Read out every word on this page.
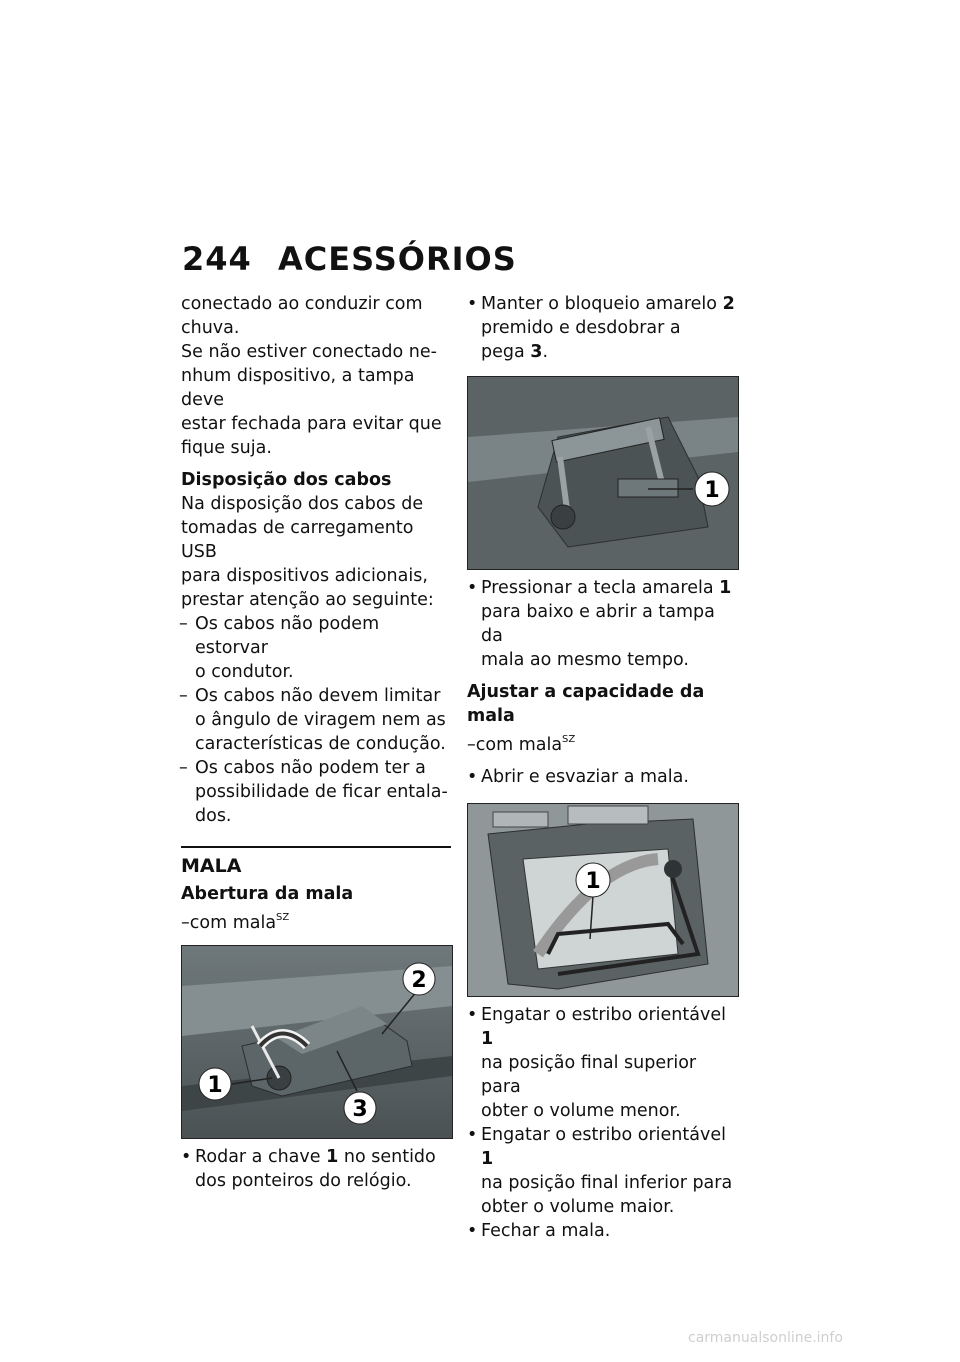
244 ACESSÓRIOS

conectado ao conduzir com
chuva.

Se não estiver conectado ne-
nhum dispositivo, a tampa deve
estar fechada para evitar que
fique suja.

Disposição dos cabos

Na disposição dos cabos de
tomadas de carregamento USB
para dispositivos adicionais,
prestar atenção ao seguinte:

– Os cabos não podem estorvar
o condutor.
– Os cabos não devem limitar
o ângulo de viragem nem as
características de condução.
– Os cabos não podem ter a
possibilidade de ficar entala-
dos.

MALA

Abertura da mala

–com mala$^{SZ}$

1
2
3
• Rodar a chave 1 no sentido
dos ponteiros do relógio.
• Manter o bloqueio amarelo 2
premido e desdobrar a
pega 3.
1
• Pressionar a tecla amarela 1
para baixo e abrir a tampa da
mala ao mesmo tempo.

Ajustar a capacidade da mala

–com mala$^{SZ}$

• Abrir e esvaziar a mala.
1
• Engatar o estribo orientável 1
na posição final superior para
obter o volume menor.
• Engatar o estribo orientável 1
na posição final inferior para
obter o volume maior.
• Fechar a mala.
carmanualsonline.info
